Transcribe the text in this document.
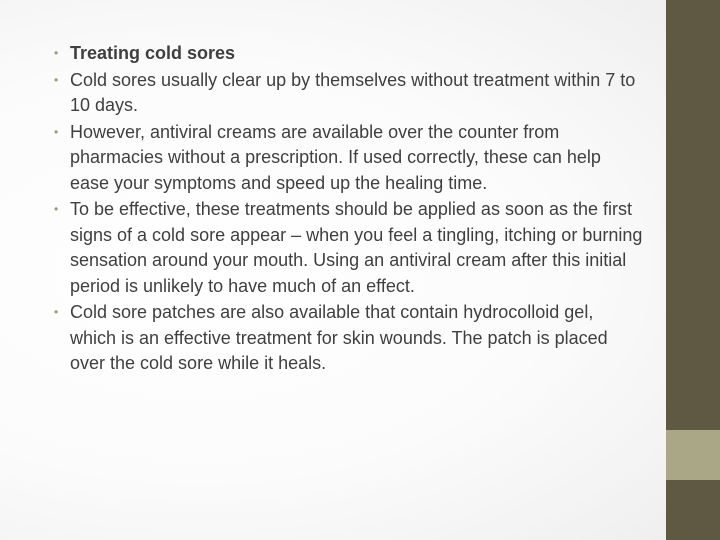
• Treating cold sores
• Cold sores usually clear up by themselves without treatment within 7 to 10 days.
• However, antiviral creams are available over the counter from pharmacies without a prescription. If used correctly, these can help ease your symptoms and speed up the healing time.
• To be effective, these treatments should be applied as soon as the first signs of a cold sore appear – when you feel a tingling, itching or burning sensation around your mouth. Using an antiviral cream after this initial period is unlikely to have much of an effect.
• Cold sore patches are also available that contain hydrocolloid gel, which is an effective treatment for skin wounds. The patch is placed over the cold sore while it heals.
